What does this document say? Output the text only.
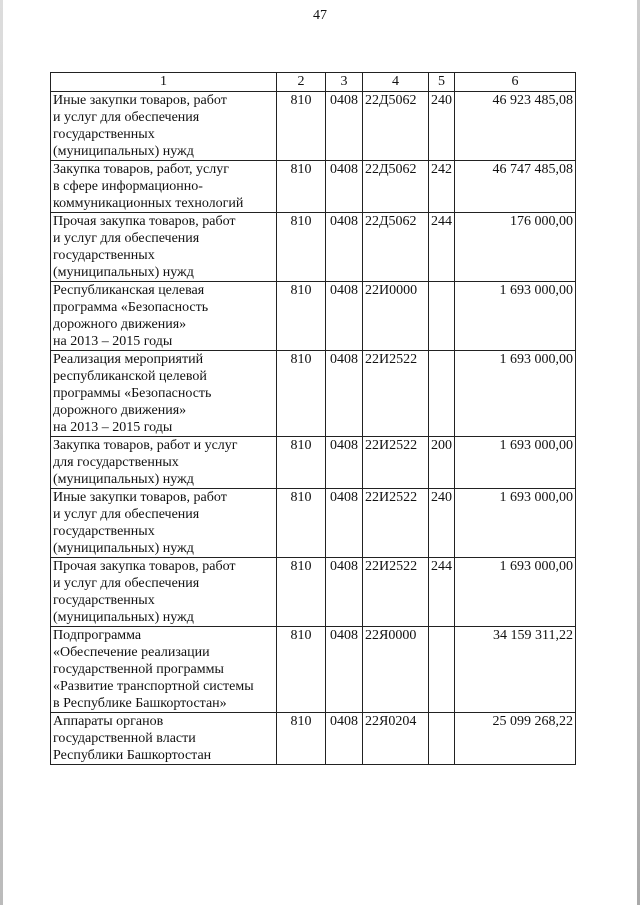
47
1	2	3	4	5	6

Иные закупки товаров, работ
и услуг для обеспечения
государственных
(муниципальных) нужд	810	0408	22Д5062	240	46 923 485,08

Закупка товаров, работ, услуг
в сфере информационно-
коммуникационных технологий	810	0408	22Д5062	242	46 747 485,08

Прочая закупка товаров, работ
и услуг для обеспечения
государственных
(муниципальных) нужд	810	0408	22Д5062	244	176 000,00

Республиканская целевая
программа «Безопасность
дорожного движения»
на 2013 – 2015 годы	810	0408	22И0000		1 693 000,00

Реализация мероприятий
республиканской целевой
программы «Безопасность
дорожного движения»
на 2013 – 2015 годы	810	0408	22И2522		1 693 000,00

Закупка товаров, работ и услуг
для государственных
(муниципальных) нужд	810	0408	22И2522	200	1 693 000,00

Иные закупки товаров, работ
и услуг для обеспечения
государственных
(муниципальных) нужд	810	0408	22И2522	240	1 693 000,00

Прочая закупка товаров, работ
и услуг для обеспечения
государственных
(муниципальных) нужд	810	0408	22И2522	244	1 693 000,00

Подпрограмма
«Обеспечение реализации
государственной программы
«Развитие транспортной системы
в Республике Башкортостан»	810	0408	22Я0000		34 159 311,22

Аппараты органов
государственной власти
Республики Башкортостан	810	0408	22Я0204		25 099 268,22
